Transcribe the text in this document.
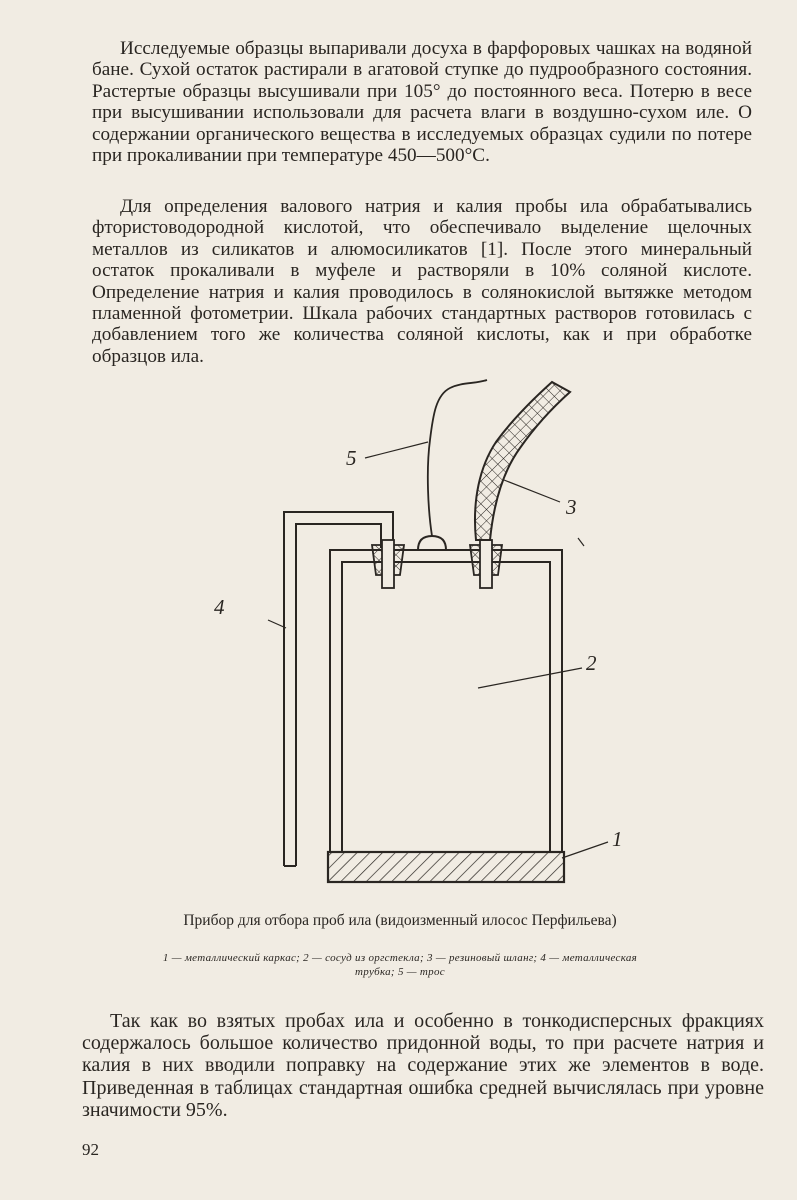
Исследуемые образцы выпаривали досуха в фарфоровых чашках на водяной бане. Сухой остаток растирали в агатовой ступке до пудрообразного состояния. Растертые образцы высушивали при 105° до постоянного веса. Потерю в весе при высушивании использовали для расчета влаги в воздушно-сухом иле. О содержании органического вещества в исследуемых образцах судили по потере при прокаливании при температуре 450—500°С.

Для определения валового натрия и калия пробы ила обрабатывались фтористоводородной кислотой, что обеспечивало выделение щелочных металлов из силикатов и алюмосиликатов [1]. После этого минеральный остаток прокаливали в муфеле и растворяли в 10% соляной кислоте. Определение натрия и калия проводилось в солянокислой вытяжке методом пламенной фотометрии. Шкала рабочих стандартных растворов готовилась с добавлением того же количества соляной кислоты, как и при обработке образцов ила.

5
3
4
2
1

Прибор для отбора проб ила (видоизменный илосос Перфильева)

1 — металлический каркас; 2 — сосуд из оргстекла; 3 — резиновый шланг; 4 — металлическая трубка; 5 — трос

Так как во взятых пробах ила и особенно в тонкодисперсных фракциях содержалось большое количество придонной воды, то при расчете натрия и калия в них вводили поправку на содержание этих же элементов в воде. Приведенная в таблицах стандартная ошибка средней вычислялась при уровне значимости 95%.

92
